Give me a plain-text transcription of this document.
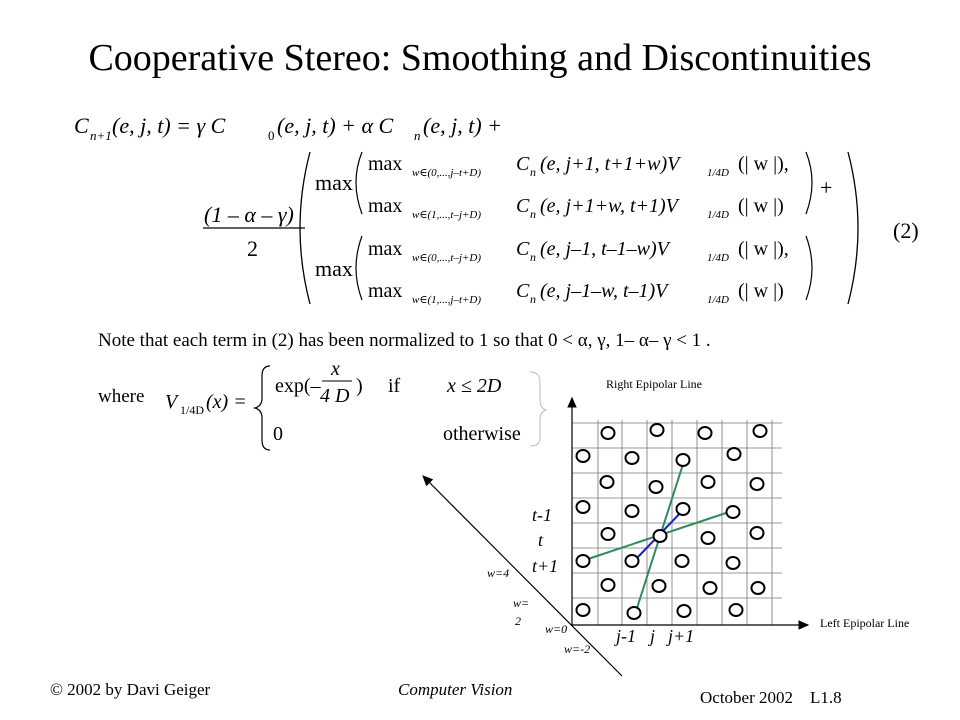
Cooperative Stereo: Smoothing and Discontinuities
C n+1 (e, j, t) = γ C	0 (e, j, t) + α C n (e, j, t) +
(1 – α – γ)
2
max
max
+
(2)
max w∈(0,...,j–t+D) C n (e, j+1, t+1+w)V	1/4D (| w |),
max w∈(1,...,t–j+D) C n (e, j+1+w, t+1)V	1/4D (| w |)
max w∈(0,...,t–j+D) C n (e, j–1, t–1–w)V	1/4D (| w |),
max w∈(1,...,j–t+D) C n (e, j–1–w, t–1)V	1/4D (| w |)
Note that each term in (2) has been normalized to 1 so that 0 < α, γ, 1– α– γ < 1 .
where V 1/4D (x) =
exp(–
x
4 D ) if x ≤ 2D
0	otherwise
Right Epipolar Line
Left Epipolar Line
t-1
t
t+1
j-1 j j+1
w=4
w=
2
w=0
w=-2
© 2002 by Davi Geiger	Computer Vision	October 2002    L1.8
